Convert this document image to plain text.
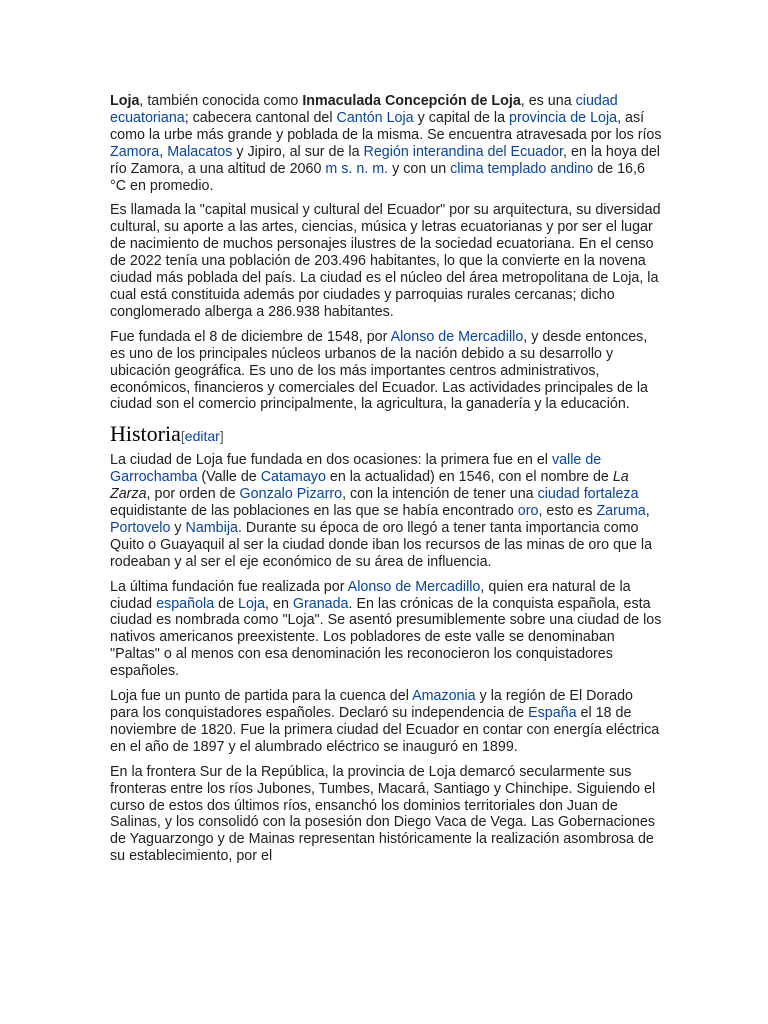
Loja, también conocida como Inmaculada Concepción de Loja, es una ciudad ecuatoriana; cabecera cantonal del Cantón Loja y capital de la provincia de Loja, así como la urbe más grande y poblada de la misma. Se encuentra atravesada por los ríos Zamora, Malacatos y Jipiro, al sur de la Región interandina del Ecuador, en la hoya del río Zamora, a una altitud de 2060 m s. n. m. y con un clima templado andino de 16,6 °C en promedio.

Es llamada la "capital musical y cultural del Ecuador" por su arquitectura, su diversidad cultural, su aporte a las artes, ciencias, música y letras ecuatorianas y por ser el lugar de nacimiento de muchos personajes ilustres de la sociedad ecuatoriana. En el censo de 2022 tenía una población de 203.496 habitantes, lo que la convierte en la novena ciudad más poblada del país. La ciudad es el núcleo del área metropolitana de Loja, la cual está constituida además por ciudades y parroquias rurales cercanas; dicho conglomerado alberga a 286.938 habitantes.

Fue fundada el 8 de diciembre de 1548, por Alonso de Mercadillo, y desde entonces, es uno de los principales núcleos urbanos de la nación debido a su desarrollo y ubicación geográfica. Es uno de los más importantes centros administrativos, económicos, financieros y comerciales del Ecuador. Las actividades principales de la ciudad son el comercio principalmente, la agricultura, la ganadería y la educación.

Historia[editar]

La ciudad de Loja fue fundada en dos ocasiones: la primera fue en el valle de Garrochamba (Valle de Catamayo en la actualidad) en 1546, con el nombre de La Zarza, por orden de Gonzalo Pizarro, con la intención de tener una ciudad fortaleza equidistante de las poblaciones en las que se había encontrado oro, esto es Zaruma, Portovelo y Nambija. Durante su época de oro llegó a tener tanta importancia como Quito o Guayaquil al ser la ciudad donde iban los recursos de las minas de oro que la rodeaban y al ser el eje económico de su área de influencia.

La última fundación fue realizada por Alonso de Mercadillo, quien era natural de la ciudad española de Loja, en Granada. En las crónicas de la conquista española, esta ciudad es nombrada como "Loja". Se asentó presumiblemente sobre una ciudad de los nativos americanos preexistente. Los pobladores de este valle se denominaban "Paltas" o al menos con esa denominación les reconocieron los conquistadores españoles.

Loja fue un punto de partida para la cuenca del Amazonia y la región de El Dorado para los conquistadores españoles. Declaró su independencia de España el 18 de noviembre de 1820. Fue la primera ciudad del Ecuador en contar con energía eléctrica en el año de 1897 y el alumbrado eléctrico se inauguró en 1899.

En la frontera Sur de la República, la provincia de Loja demarcó secularmente sus fronteras entre los ríos Jubones, Tumbes, Macará, Santiago y Chinchipe. Siguiendo el curso de estos dos últimos ríos, ensanchó los dominios territoriales don Juan de Salinas, y los consolidó con la posesión don Diego Vaca de Vega. Las Gobernaciones de Yaguarzongo y de Mainas representan históricamente la realización asombrosa de su establecimiento, por el
